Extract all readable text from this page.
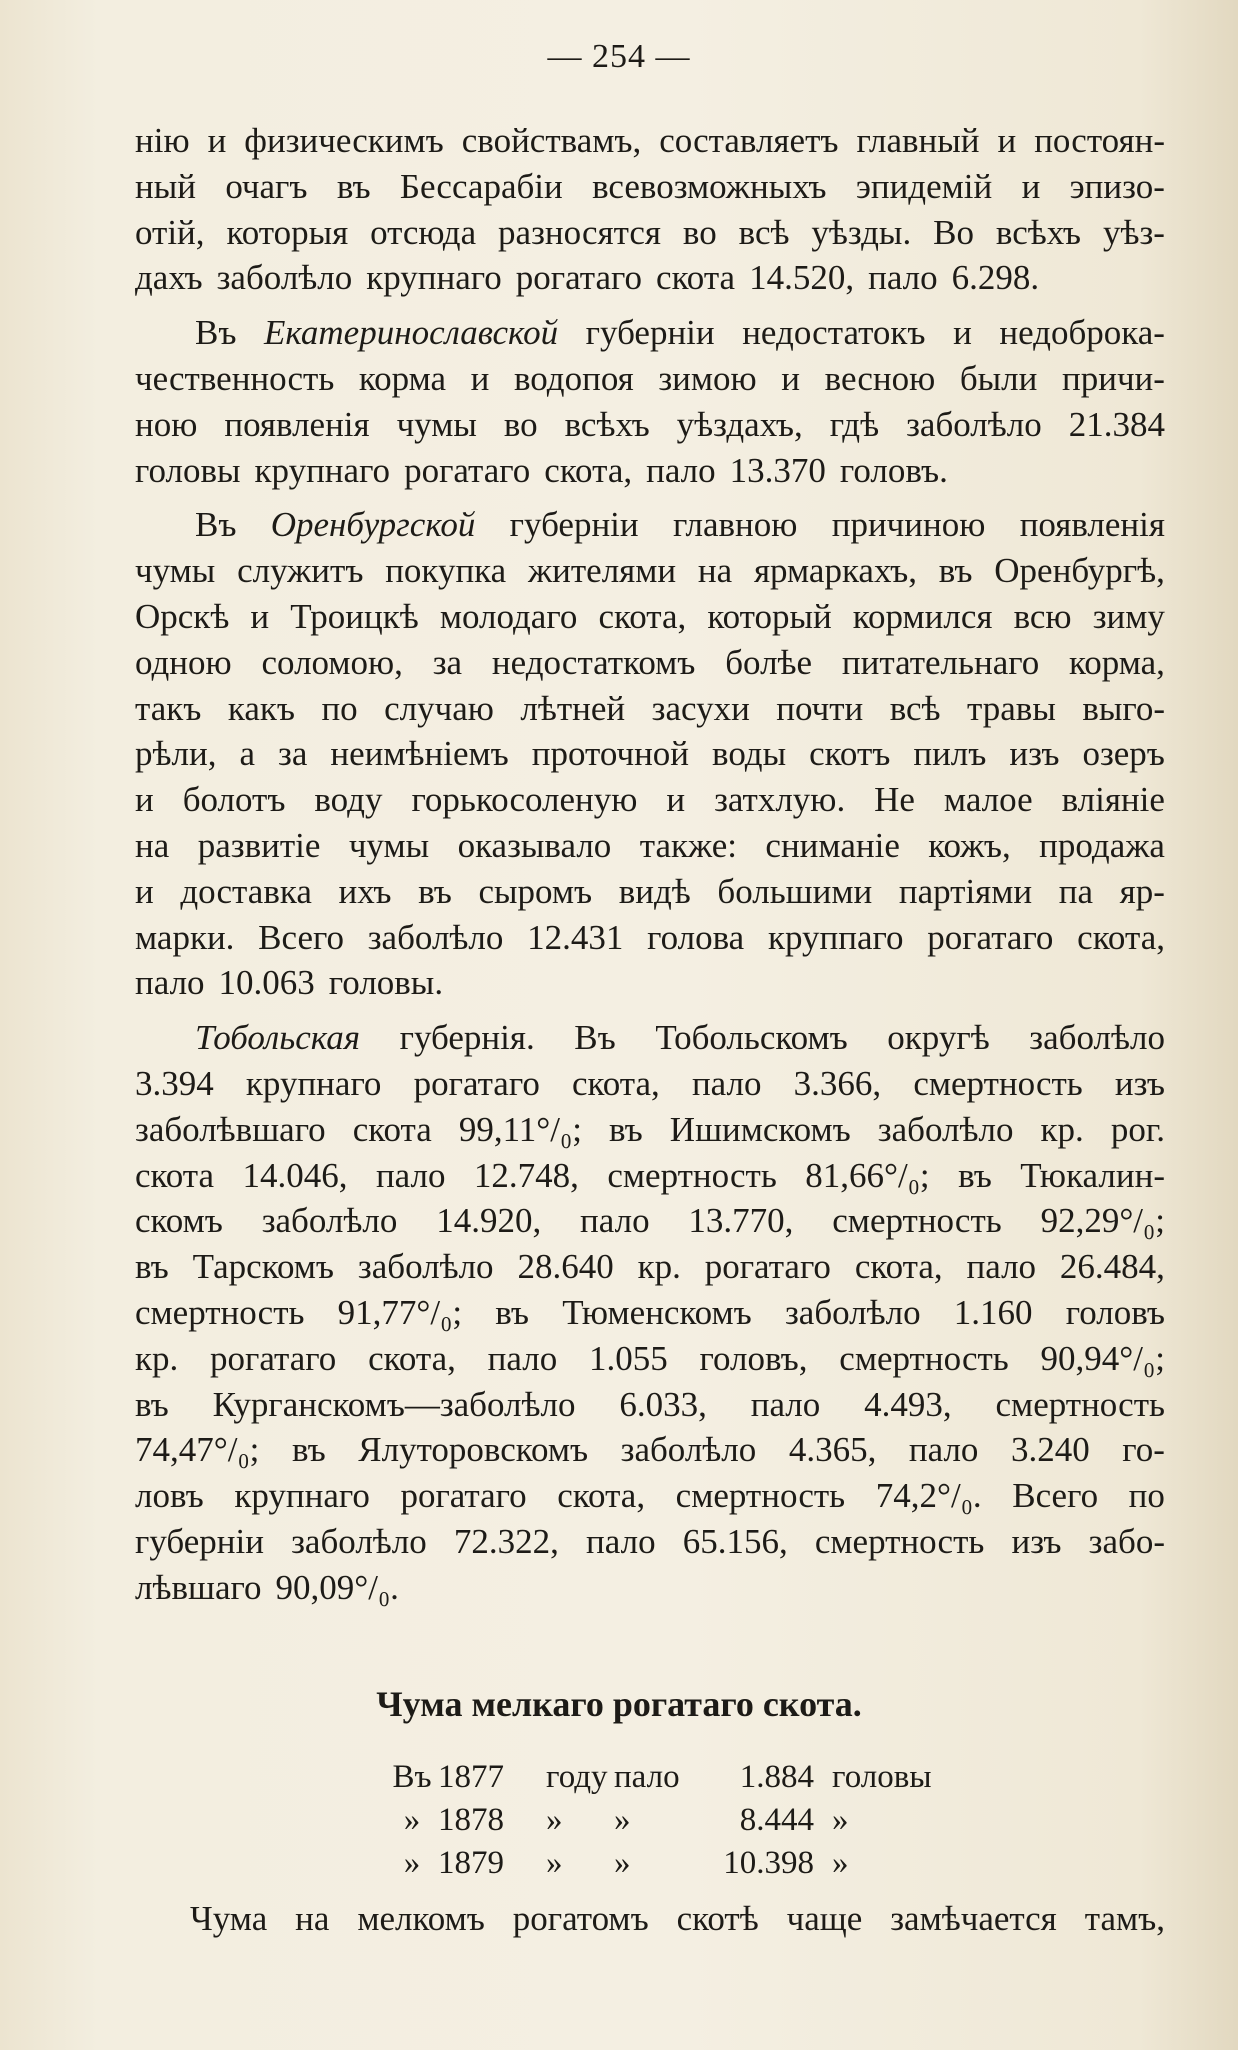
— 254 —
нію и физическимъ свойствамъ, составляетъ главный и постоян-
ный очагъ въ Бессарабіи всевозможныхъ эпидемій и эпизо-
отій, которыя отсюда разносятся во всѣ уѣзды. Во всѣхъ уѣз-
дахъ заболѣло крупнаго рогатаго скота 14.520, пало 6.298.
Въ Екатеринославской губерніи недостатокъ и недоброка-
чественность корма и водопоя зимою и весною были причи-
ною появленія чумы во всѣхъ уѣздахъ, гдѣ заболѣло 21.384
головы крупнаго рогатаго скота, пало 13.370 головъ.
Въ Оренбургской губерніи главною причиною появленія
чумы служитъ покупка жителями на ярмаркахъ, въ Оренбургѣ,
Орскѣ и Троицкѣ молодаго скота, который кормился всю зиму
одною соломою, за недостаткомъ болѣе питательнаго корма,
такъ какъ по случаю лѣтней засухи почти всѣ травы выго-
рѣли, а за неимѣніемъ проточной воды скотъ пилъ изъ озеръ
и болотъ воду горькосоленую и затхлую. Не малое вліяніе
на развитіе чумы оказывало также: сниманіе кожъ, продажа
и доставка ихъ въ сыромъ видѣ большими партіями па яр-
марки. Всего заболѣло 12.431 голова круппаго рогатаго скота,
пало 10.063 головы.
Тобольская губернія. Въ Тобольскомъ округѣ заболѣло
3.394 крупнаго рогатаго скота, пало 3.366, смертность изъ
заболѣвшаго скота 99,11°/₀; въ Ишимскомъ заболѣло кр. рог.
скота 14.046, пало 12.748, смертность 81,66°/₀; въ Тюкалин-
скомъ заболѣло 14.920, пало 13.770, смертность 92,29°/₀;
въ Тарскомъ заболѣло 28.640 кр. рогатаго скота, пало 26.484,
смертность 91,77°/₀; въ Тюменскомъ заболѣло 1.160 головъ
кр. рогатаго скота, пало 1.055 головъ, смертность 90,94°/₀;
въ Курганскомъ—заболѣло 6.033, пало 4.493, смертность
74,47°/₀; въ Ялуторовскомъ заболѣло 4.365, пало 3.240 го-
ловъ крупнаго рогатаго скота, смертность 74,2°/₀. Всего по
губерніи заболѣло 72.322, пало 65.156, смертность изъ забо-
лѣвшаго 90,09°/₀.
Чума мелкаго рогатаго скота.
Въ 1877	году пало	1.884 головы
» 1878	»	»	8.444 »
» 1879	»	»	10.398 »
Чума на мелкомъ рогатомъ скотѣ чаще замѣчается тамъ,
